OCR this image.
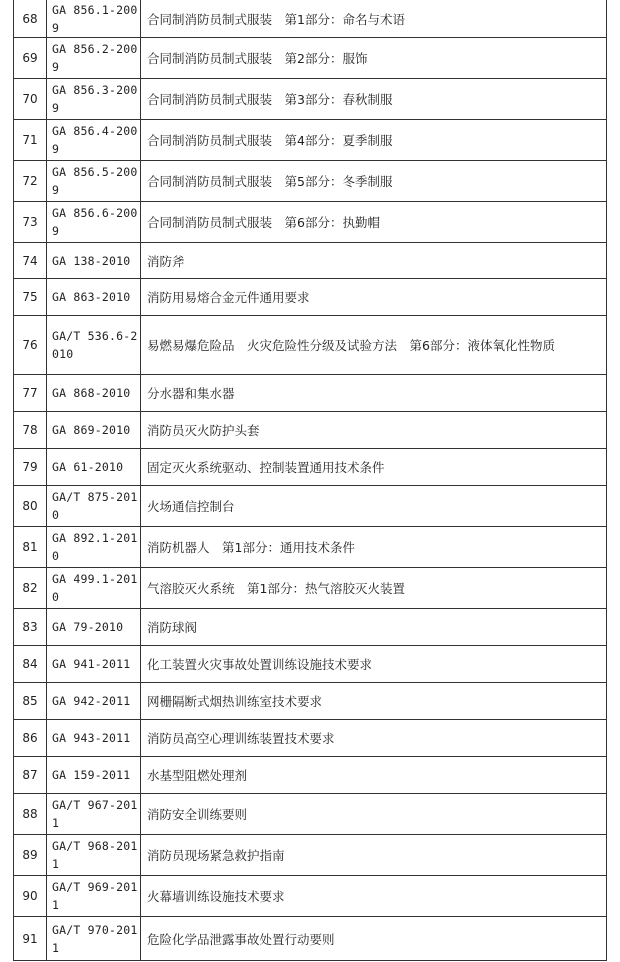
68	GA 856.1-2009	合同制消防员制式服装　第1部分：命名与术语
69	GA 856.2-2009	合同制消防员制式服装　第2部分：服饰
70	GA 856.3-2009	合同制消防员制式服装　第3部分：春秋制服
71	GA 856.4-2009	合同制消防员制式服装　第4部分：夏季制服
72	GA 856.5-2009	合同制消防员制式服装　第5部分：冬季制服
73	GA 856.6-2009	合同制消防员制式服装　第6部分：执勤帽
74	GA 138-2010	消防斧
75	GA 863-2010	消防用易熔合金元件通用要求
76	GA/T 536.6-2010	易燃易爆危险品　火灾危险性分级及试验方法　第6部分：液体氧化性物质
77	GA 868-2010	分水器和集水器
78	GA 869-2010	消防员灭火防护头套
79	GA 61-2010	固定灭火系统驱动、控制装置通用技术条件
80	GA/T 875-2010	火场通信控制台
81	GA 892.1-2010	消防机器人　第1部分：通用技术条件
82	GA 499.1-2010	气溶胶灭火系统　第1部分：热气溶胶灭火装置
83	GA 79-2010	消防球阀
84	GA 941-2011	化工装置火灾事故处置训练设施技术要求
85	GA 942-2011	网栅隔断式烟热训练室技术要求
86	GA 943-2011	消防员高空心理训练装置技术要求
87	GA 159-2011	水基型阻燃处理剂
88	GA/T 967-2011	消防安全训练要则
89	GA/T 968-2011	消防员现场紧急救护指南
90	GA/T 969-2011	火幕墙训练设施技术要求
91	GA/T 970-2011	危险化学品泄露事故处置行动要则
